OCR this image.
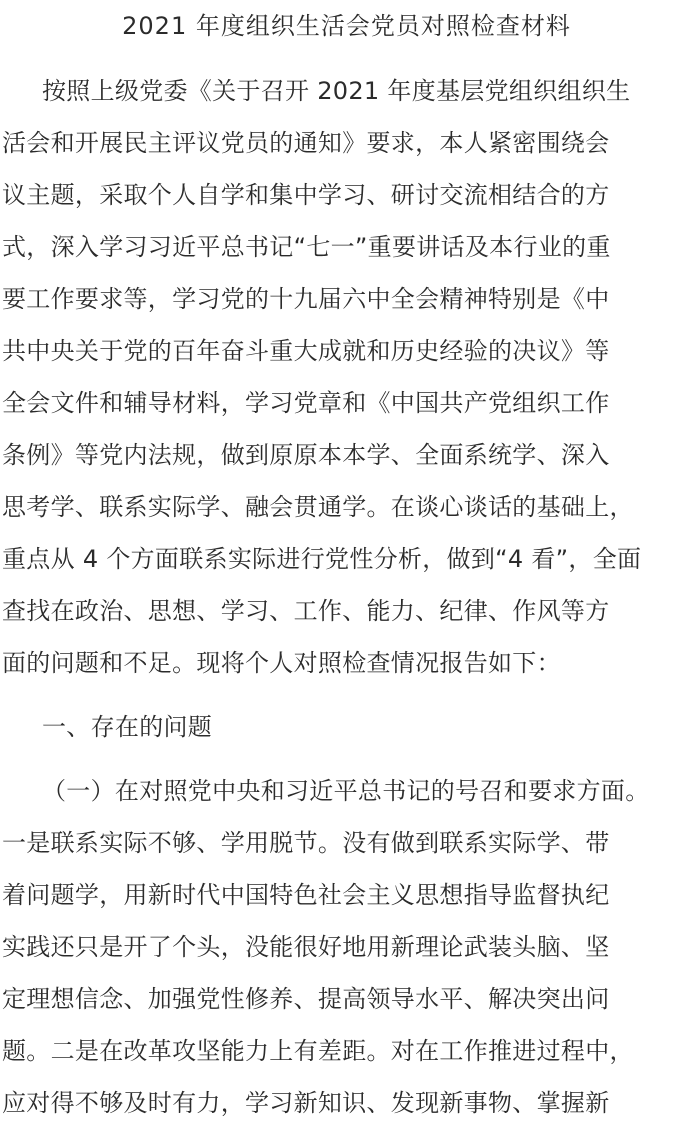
2021 年度组织生活会党员对照检查材料
按照上级党委《关于召开 2021 年度基层党组织组织生
活会和开展民主评议党员的通知》要求，本人紧密围绕会
议主题，采取个人自学和集中学习、研讨交流相结合的方
式，深入学习习近平总书记“七一”重要讲话及本行业的重
要工作要求等，学习党的十九届六中全会精神特别是《中
共中央关于党的百年奋斗重大成就和历史经验的决议》等
全会文件和辅导材料，学习党章和《中国共产党组织工作
条例》等党内法规，做到原原本本学、全面系统学、深入
思考学、联系实际学、融会贯通学。在谈心谈话的基础上，
重点从 4 个方面联系实际进行党性分析，做到“4 看”，全面
查找在政治、思想、学习、工作、能力、纪律、作风等方
面的问题和不足。现将个人对照检查情况报告如下：
一、存在的问题
（一）在对照党中央和习近平总书记的号召和要求方面。
一是联系实际不够、学用脱节。没有做到联系实际学、带
着问题学，用新时代中国特色社会主义思想指导监督执纪
实践还只是开了个头，没能很好地用新理论武装头脑、坚
定理想信念、加强党性修养、提高领导水平、解决突出问
题。二是在改革攻坚能力上有差距。对在工作推进过程中，
应对得不够及时有力，学习新知识、发现新事物、掌握新
